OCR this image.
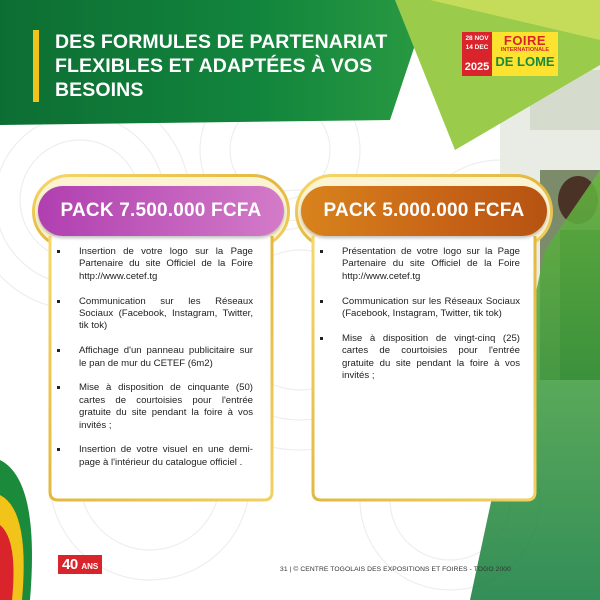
DES FORMULES DE PARTENARIAT
FLEXIBLES ET ADAPTÉES À VOS
BESOINS
28 NOV
14 DEC
2025
FOIRE
INTERNATIONALE
DE LOME
PACK 7.500.000 FCFA
Insertion de votre logo sur la Page Partenaire du site Officiel de la Foire http://www.cetef.tg
Communication sur les Réseaux Sociaux (Facebook, Instagram, Twitter, tik tok)
Affichage d'un panneau publicitaire sur le pan de mur du CETEF (6m2)
Mise à disposition de cinquante (50) cartes de courtoisies pour l'entrée gratuite du site pendant la foire à vos invités ;
Insertion de votre visuel en une demi-page à l'intérieur du catalogue officiel .
PACK 5.000.000 FCFA
Présentation de votre logo sur la Page Partenaire du site Officiel de la Foire http://www.cetef.tg
Communication sur les Réseaux Sociaux (Facebook, Instagram, Twitter, tik tok)
Mise à disposition de vingt-cinq (25) cartes de courtoisies pour l'entrée gratuite du site pendant la foire à vos invités ;
40 ANS	31 | © CENTRE TOGOLAIS DES EXPOSITIONS ET FOIRES - TOGO 2000
